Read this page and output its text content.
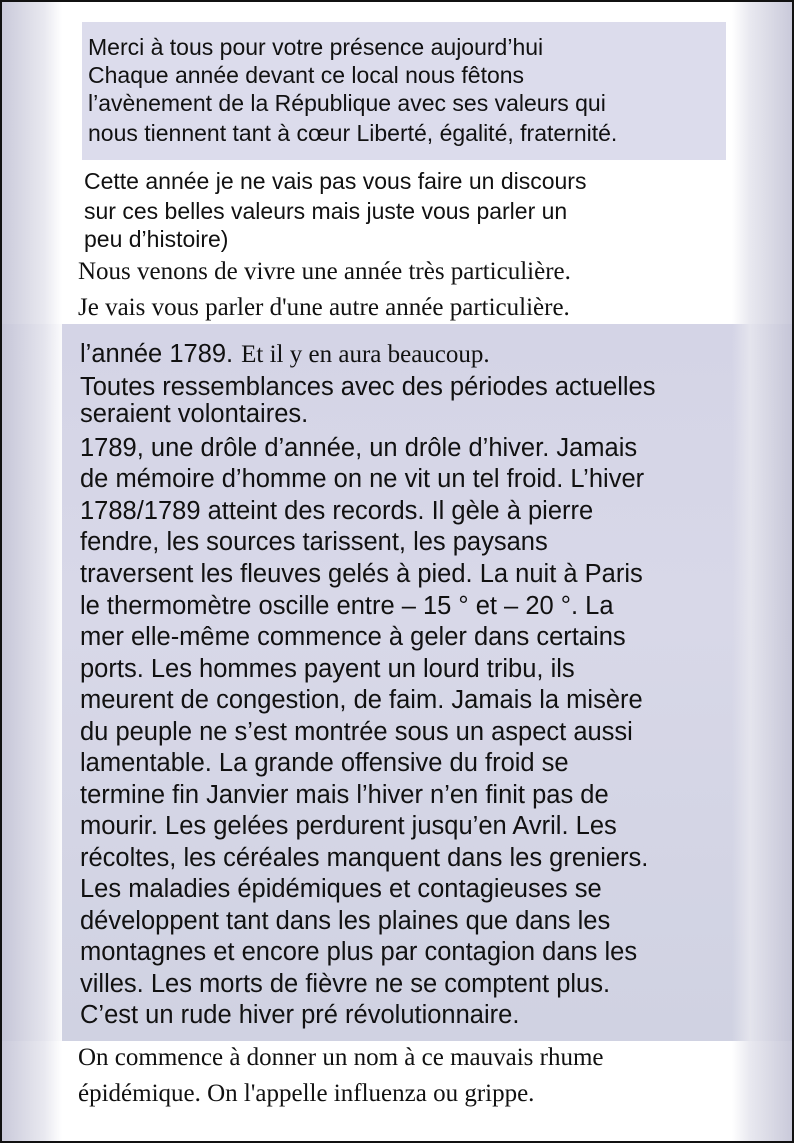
Merci à tous pour votre présence aujourd’hui
Chaque année devant ce local nous fêtons
l’avènement de la République avec ses valeurs qui
nous tiennent tant à cœur Liberté, égalité, fraternité.
Cette année je ne vais pas vous faire un discours
sur ces belles valeurs mais juste vous parler un
peu d’histoire)
Nous venons de vivre une année très particulière.
Je vais vous parler d'une autre année particulière.
l’année 1789. Et il y en aura beaucoup.
Toutes ressemblances avec des périodes actuelles
seraient volontaires.
1789, une drôle d’année, un drôle d’hiver. Jamais
de mémoire d’homme on ne vit un tel froid. L’hiver
1788/1789 atteint des records. Il gèle à pierre
fendre, les sources tarissent, les paysans
traversent les fleuves gelés à pied. La nuit à Paris
le thermomètre oscille entre – 15 ° et – 20 °. La
mer elle-même commence à geler dans certains
ports. Les hommes payent un lourd tribu, ils
meurent de congestion, de faim. Jamais la misère
du peuple ne s’est montrée sous un aspect aussi
lamentable. La grande offensive du froid se
termine fin Janvier mais l’hiver n’en finit pas de
mourir. Les gelées perdurent jusqu’en Avril. Les
récoltes, les céréales manquent dans les greniers.
Les maladies épidémiques et contagieuses se
développent tant dans les plaines que dans les
montagnes et encore plus par contagion dans les
villes. Les morts de fièvre ne se comptent plus.
C’est un rude hiver pré révolutionnaire.
On commence à donner un nom à ce mauvais rhume
épidémique. On l'appelle influenza ou grippe.
